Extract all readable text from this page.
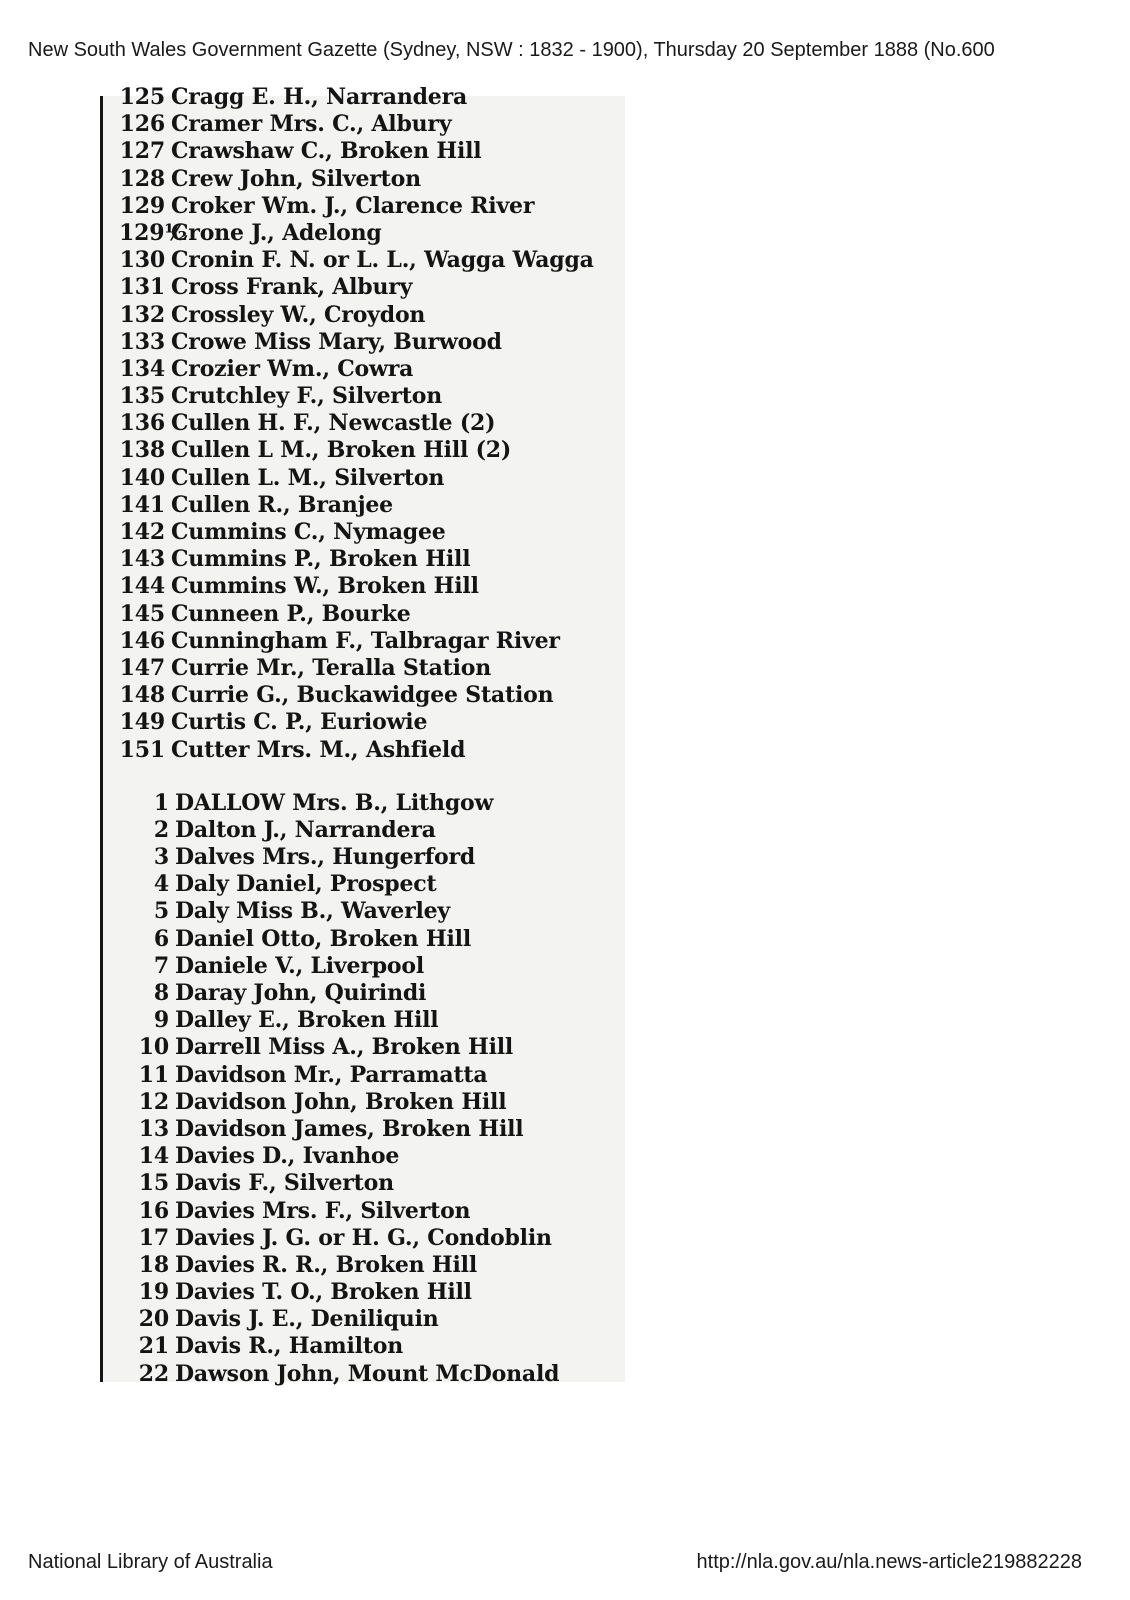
New South Wales Government Gazette (Sydney, NSW : 1832 - 1900), Thursday 20 September 1888 (No.600
125 Cragg E. H., Narrandera
126 Cramer Mrs. C., Albury
127 Crawshaw C., Broken Hill
128 Crew John, Silverton
129 Croker Wm. J., Clarence River
129½Crone J., Adelong
130 Cronin F. N. or L. L., Wagga Wagga
131 Cross Frank, Albury
132 Crossley W., Croydon
133 Crowe Miss Mary, Burwood
134 Crozier Wm., Cowra
135 Crutchley F., Silverton
136 Cullen H. F., Newcastle (2)
138 Cullen L M., Broken Hill (2)
140 Cullen L. M., Silverton
141 Cullen R., Branjee
142 Cummins C., Nymagee
143 Cummins P., Broken Hill
144 Cummins W., Broken Hill
145 Cunneen P., Bourke
146 Cunningham F., Talbragar River
147 Currie Mr., Teralla Station
148 Currie G., Buckawidgee Station
149 Curtis C. P., Euriowie
151 Cutter Mrs. M., Ashfield
1 DALLOW Mrs. B., Lithgow
2 Dalton J., Narrandera
3 Dalves Mrs., Hungerford
4 Daly Daniel, Prospect
5 Daly Miss B., Waverley
6 Daniel Otto, Broken Hill
7 Daniele V., Liverpool
8 Daray John, Quirindi
9 Dalley E., Broken Hill
10 Darrell Miss A., Broken Hill
11 Davidson Mr., Parramatta
12 Davidson John, Broken Hill
13 Davidson James, Broken Hill
14 Davies D., Ivanhoe
15 Davis F., Silverton
16 Davies Mrs. F., Silverton
17 Davies J. G. or H. G., Condoblin
18 Davies R. R., Broken Hill
19 Davies T. O., Broken Hill
20 Davis J. E., Deniliquin
21 Davis R., Hamilton
22 Dawson John, Mount McDonald
National Library of Australia	http://nla.gov.au/nla.news-article219882228
